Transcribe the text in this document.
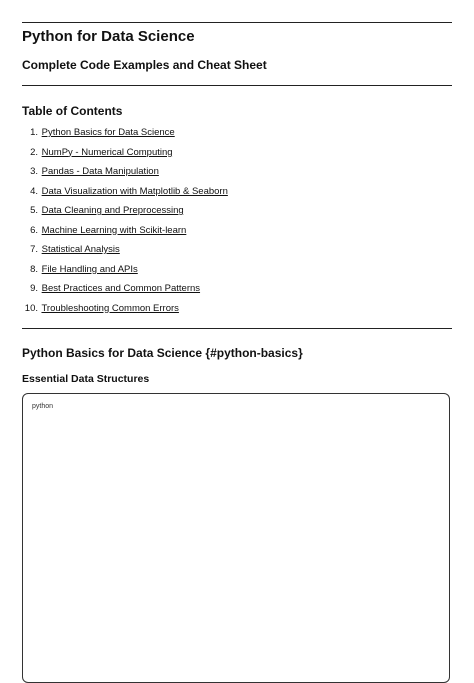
Python for Data Science
Complete Code Examples and Cheat Sheet
Table of Contents
1. Python Basics for Data Science
2. NumPy - Numerical Computing
3. Pandas - Data Manipulation
4. Data Visualization with Matplotlib & Seaborn
5. Data Cleaning and Preprocessing
6. Machine Learning with Scikit-learn
7. Statistical Analysis
8. File Handling and APIs
9. Best Practices and Common Patterns
10. Troubleshooting Common Errors
Python Basics for Data Science {#python-basics}
Essential Data Structures
python
